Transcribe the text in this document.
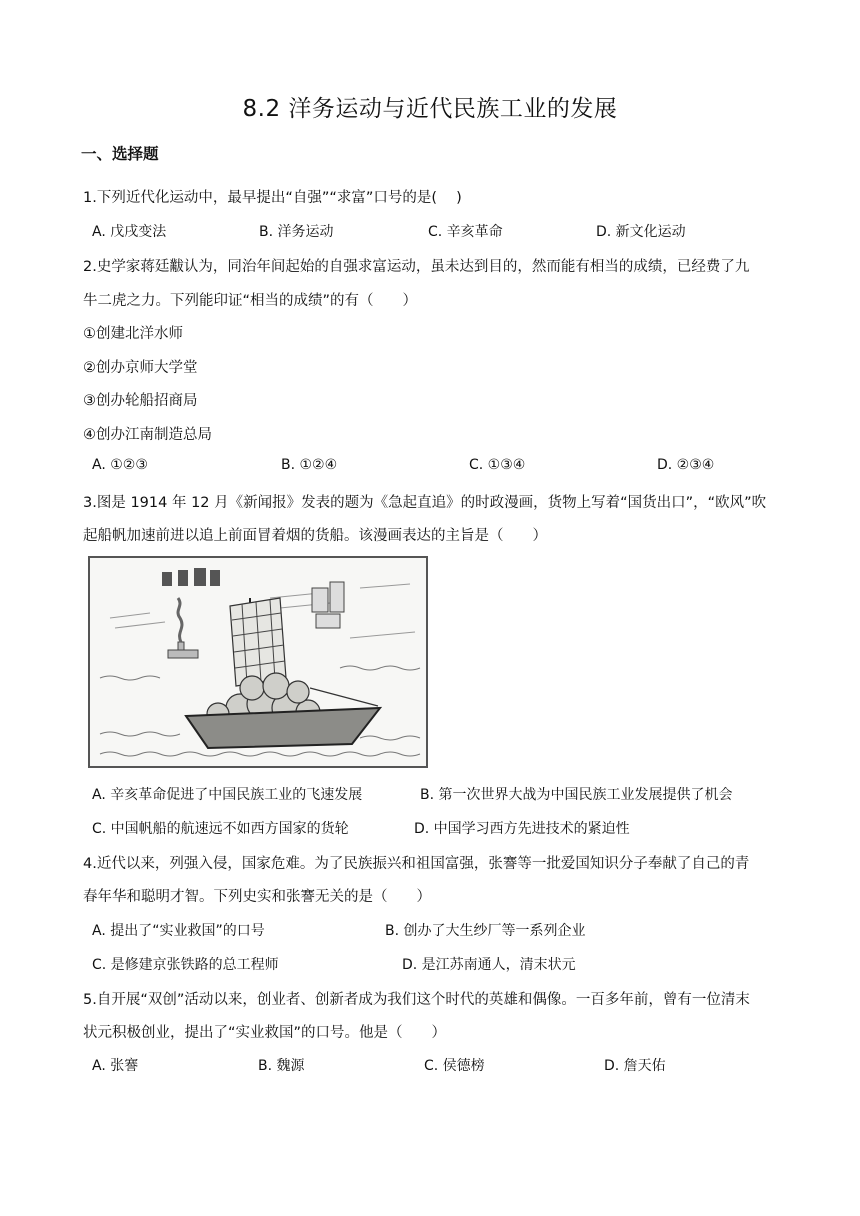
8.2 洋务运动与近代民族工业的发展
一、选择题
1.下列近代化运动中，最早提出“自强”“求富”口号的是(　 )
A. 戊戌变法	B. 洋务运动	C. 辛亥革命	D. 新文化运动
2.史学家蒋廷黻认为，同治年间起始的自强求富运动，虽未达到目的，然而能有相当的成绩，已经费了九
牛二虎之力。下列能印证“相当的成绩”的有（　　）
①创建北洋水师
②创办京师大学堂
③创办轮船招商局
④创办江南制造总局
A. ①②③	B. ①②④	C. ①③④	D. ②③④
3.图是 1914 年 12 月《新闻报》发表的题为《急起直追》的时政漫画，货物上写着“国货出口”，“欧风”吹
起船帆加速前进以追上前面冒着烟的货船。该漫画表达的主旨是（　　）
A. 辛亥革命促进了中国民族工业的飞速发展	B. 第一次世界大战为中国民族工业发展提供了机会
C. 中国帆船的航速远不如西方国家的货轮	D. 中国学习西方先进技术的紧迫性
4.近代以来，列强入侵，国家危难。为了民族振兴和祖国富强，张謇等一批爱国知识分子奉献了自己的青
春年华和聪明才智。下列史实和张謇无关的是（　　）
A. 提出了“实业救国”的口号	B. 创办了大生纱厂等一系列企业
C. 是修建京张铁路的总工程师	D. 是江苏南通人，清末状元
5.自开展“双创”活动以来，创业者、创新者成为我们这个时代的英雄和偶像。一百多年前，曾有一位清末
状元积极创业，提出了“实业救国”的口号。他是（　　）
A. 张謇	B. 魏源	C. 侯德榜	D. 詹天佑
